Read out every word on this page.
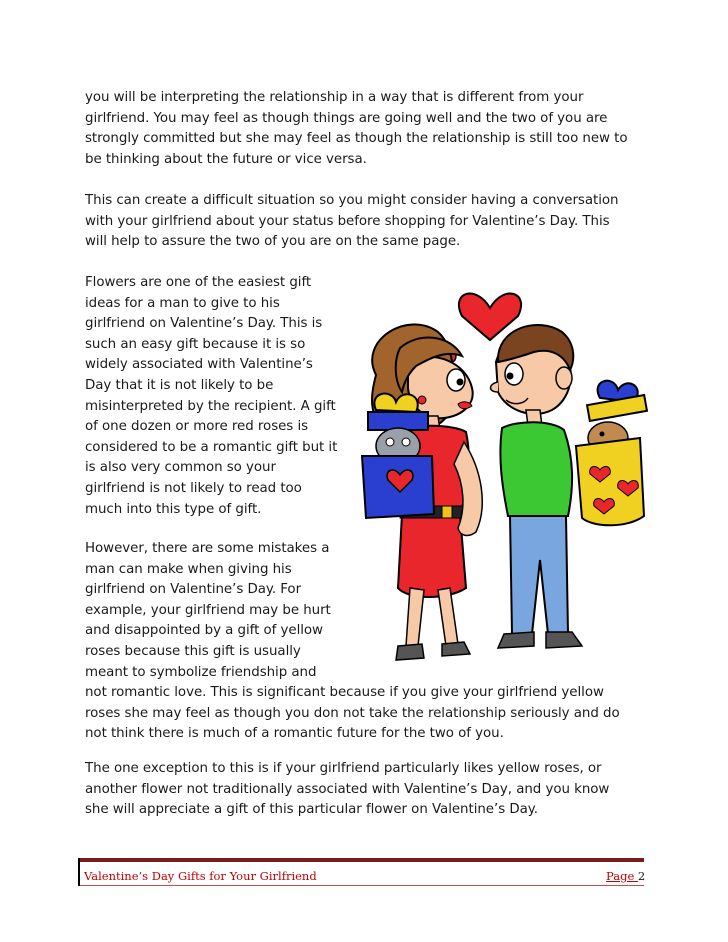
you will be interpreting the relationship in a way that is different from your
girlfriend. You may feel as though things are going well and the two of you are
strongly committed but she may feel as though the relationship is still too new to
be thinking about the future or vice versa.

This can create a difficult situation so you might consider having a conversation
with your girlfriend about your status before shopping for Valentine’s Day. This
will help to assure the two of you are on the same page.

Flowers are one of the easiest gift
ideas for a man to give to his
girlfriend on Valentine’s Day. This is
such an easy gift because it is so
widely associated with Valentine’s
Day that it is not likely to be
misinterpreted by the recipient. A gift
of one dozen or more red roses is
considered to be a romantic gift but it
is also very common so your
girlfriend is not likely to read too
much into this type of gift.

However, there are some mistakes a
man can make when giving his
girlfriend on Valentine’s Day. For
example, your girlfriend may be hurt
and disappointed by a gift of yellow
roses because this gift is usually
meant to symbolize friendship and
not romantic love. This is significant because if you give your girlfriend yellow
roses she may feel as though you don not take the relationship seriously and do
not think there is much of a romantic future for the two of you.

The one exception to this is if your girlfriend particularly likes yellow roses, or
another flower not traditionally associated with Valentine’s Day, and you know
she will appreciate a gift of this particular flower on Valentine’s Day.

Valentine’s Day Gifts for Your Girlfriend	Page 2
